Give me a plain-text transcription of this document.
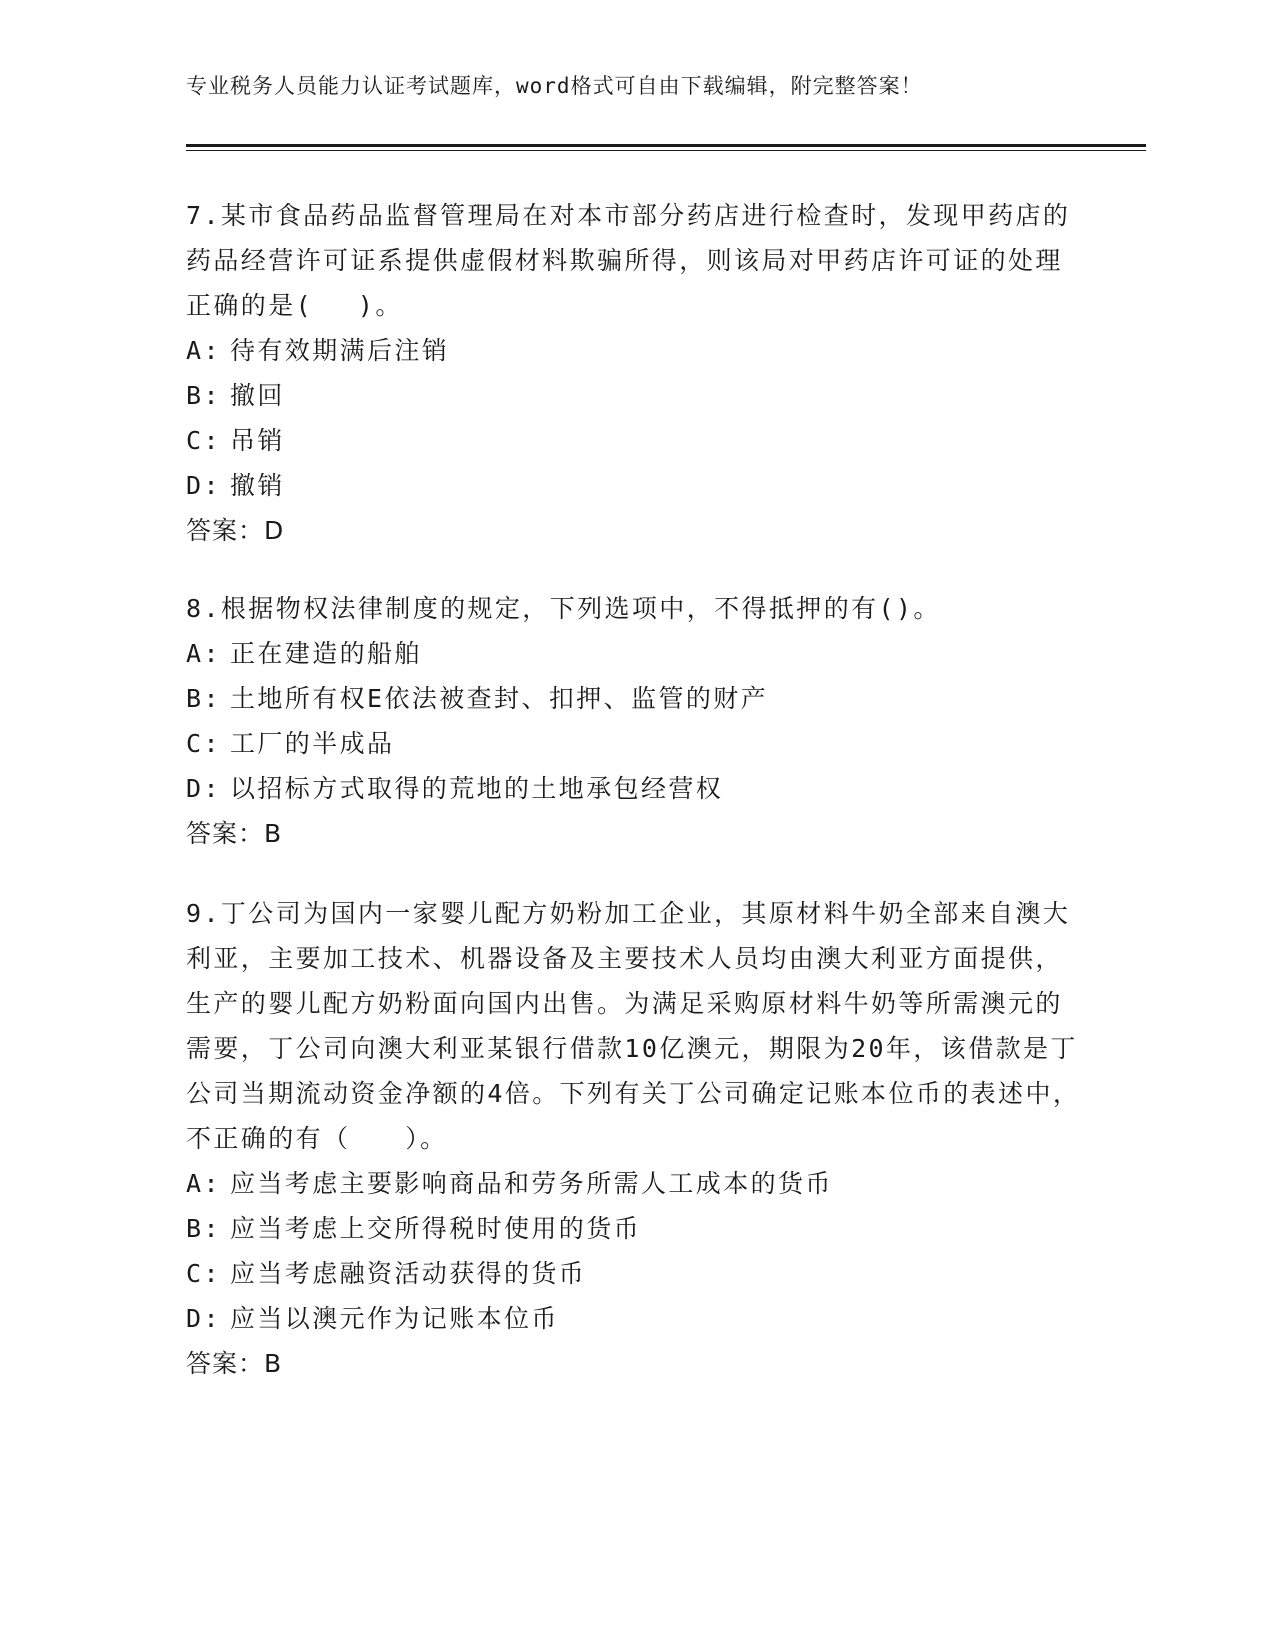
专业税务人员能力认证考试题库，word格式可自由下载编辑，附完整答案！

7.某市食品药品监督管理局在对本市部分药店进行检查时，发现甲药店的药品经营许可证系提供虚假材料欺骗所得，则该局对甲药店许可证的处理正确的是(　 )。

A: 待有效期满后注销

B: 撤回

C: 吊销

D: 撤销

答案：D

8.根据物权法律制度的规定，下列选项中，不得抵押的有()。

A: 正在建造的船舶

B: 土地所有权E依法被查封、扣押、监管的财产

C: 工厂的半成品

D: 以招标方式取得的荒地的土地承包经营权

答案：B

9.丁公司为国内一家婴儿配方奶粉加工企业，其原材料牛奶全部来自澳大利亚，主要加工技术、机器设备及主要技术人员均由澳大利亚方面提供，生产的婴儿配方奶粉面向国内出售。为满足采购原材料牛奶等所需澳元的需要，丁公司向澳大利亚某银行借款10亿澳元，期限为20年，该借款是丁公司当期流动资金净额的4倍。下列有关丁公司确定记账本位币的表述中，不正确的有（　　）。

A: 应当考虑主要影响商品和劳务所需人工成本的货币

B: 应当考虑上交所得税时使用的货币

C: 应当考虑融资活动获得的货币

D: 应当以澳元作为记账本位币

答案：B
